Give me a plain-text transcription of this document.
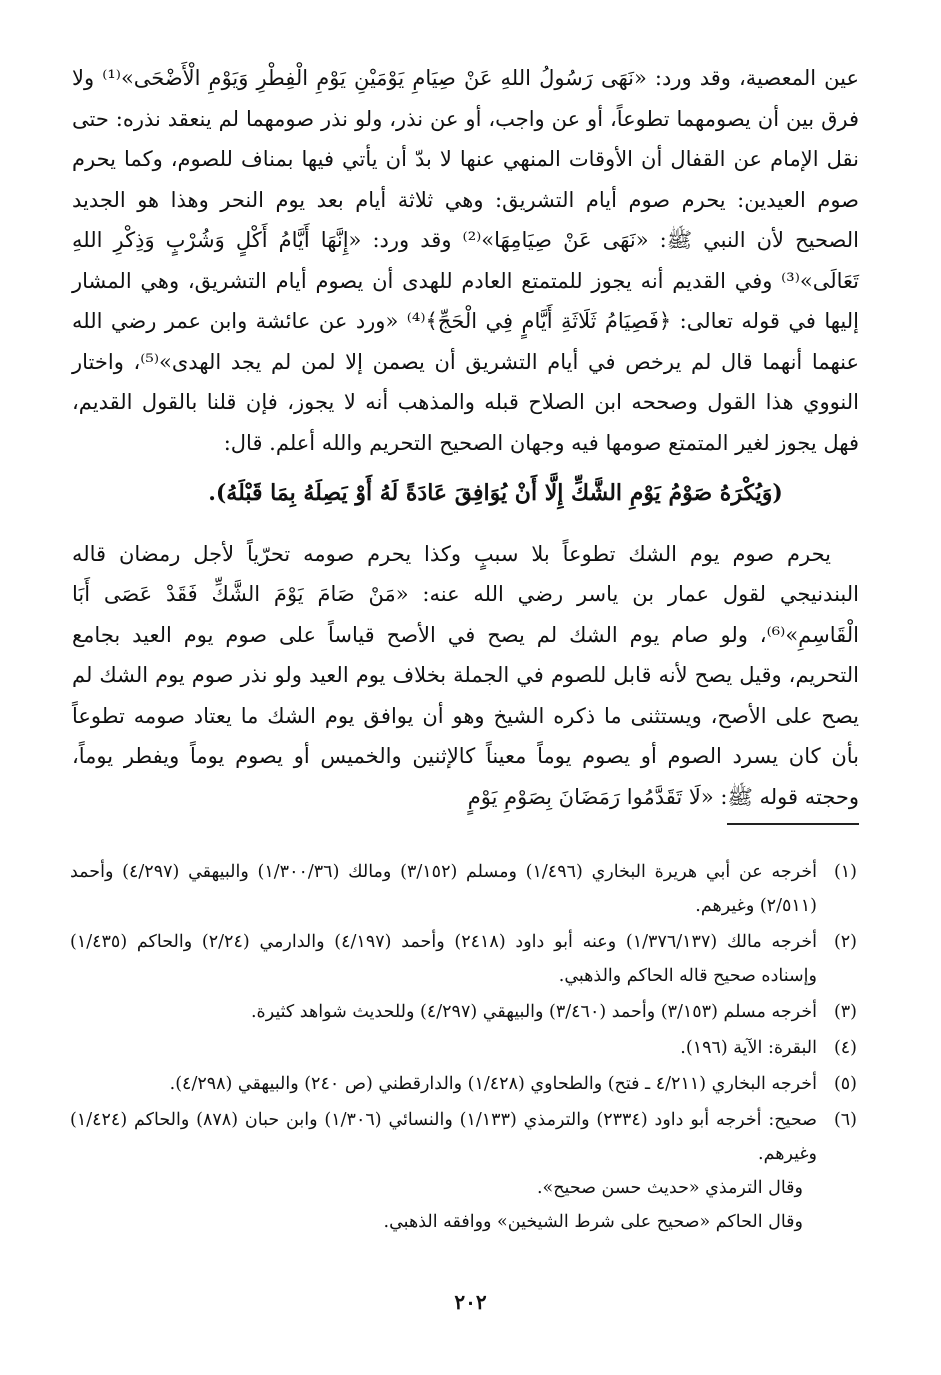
عين المعصية، وقد ورد: «نَهَى رَسُولُ اللهِ عَنْ صِيَامِ يَوْمَيْنِ يَوْمِ الْفِطْرِ وَيَوْمِ الْأَضْحَى»⁽¹⁾ ولا فرق بين أن يصومهما تطوعاً، أو عن واجب، أو عن نذر، ولو نذر صومهما لم ينعقد نذره: حتى نقل الإمام عن القفال أن الأوقات المنهي عنها لا بدّ أن يأتي فيها بمناف للصوم، وكما يحرم صوم العيدين: يحرم صوم أيام التشريق: وهي ثلاثة أيام بعد يوم النحر وهذا هو الجديد الصحيح لأن النبي ﷺ: «نَهَى عَنْ صِيَامِهَا»⁽²⁾ وقد ورد: «إِنَّهَا أَيَّامُ أَكْلٍ وَشُرْبٍ وَذِكْرِ اللهِ تَعَالَى»⁽³⁾ وفي القديم أنه يجوز للمتمتع العادم للهدى أن يصوم أيام التشريق، وهي المشار إليها في قوله تعالى: ﴿فَصِيَامُ ثَلَاثَةِ أَيَّامٍ فِي الْحَجِّ﴾⁽⁴⁾ «ورد عن عائشة وابن عمر رضي الله عنهما أنهما قال لم يرخص في أيام التشريق أن يصمن إلا لمن لم يجد الهدى»⁽⁵⁾، واختار النووي هذا القول وصححه ابن الصلاح قبله والمذهب أنه لا يجوز، فإن قلنا بالقول القديم، فهل يجوز لغير المتمتع صومها فيه وجهان الصحيح التحريم والله أعلم. قال:

(وَيُكْرَهُ صَوْمُ يَوْمِ الشَّكِّ إِلَّا أَنْ يُوَافِقَ عَادَةً لَهُ أَوْ يَصِلَهُ بِمَا قَبْلَهُ).

يحرم صوم يوم الشك تطوعاً بلا سببٍ وكذا يحرم صومه تحرّياً لأجل رمضان قاله البندنيجي لقول عمار بن ياسر رضي الله عنه: «مَنْ صَامَ يَوْمَ الشَّكِّ فَقَدْ عَصَى أَبَا الْقَاسِمِ»⁽⁶⁾، ولو صام يوم الشك لم يصح في الأصح قياساً على صوم يوم العيد بجامع التحريم، وقيل يصح لأنه قابل للصوم في الجملة بخلاف يوم العيد ولو نذر صوم يوم الشك لم يصح على الأصح، ويستثنى ما ذكره الشيخ وهو أن يوافق يوم الشك ما يعتاد صومه تطوعاً بأن كان يسرد الصوم أو يصوم يوماً معيناً كالإثنين والخميس أو يصوم يوماً ويفطر يوماً، وحجته قوله ﷺ: «لَا تَقَدَّمُوا رَمَضَانَ بِصَوْمِ يَوْمٍ

(١)
أخرجه عن أبي هريرة البخاري (١/٤٩٦) ومسلم (٣/١٥٢) ومالك (١/٣٠٠/٣٦) والبيهقي (٤/٢٩٧) وأحمد (٢/٥١١) وغيرهم.
(٢)
أخرجه مالك (١/٣٧٦/١٣٧) وعنه أبو داود (٢٤١٨) وأحمد (٤/١٩٧) والدارمي (٢/٢٤) والحاكم (١/٤٣٥) وإسناده صحيح قاله الحاكم والذهبي.
(٣)
أخرجه مسلم (٣/١٥٣) وأحمد (٣/٤٦٠) والبيهقي (٤/٢٩٧) وللحديث شواهد كثيرة.
(٤)
البقرة: الآية (١٩٦).
(٥)
أخرجه البخاري (٤/٢١١ ـ فتح) والطحاوي (١/٤٢٨) والدارقطني (ص ٢٤٠) والبيهقي (٤/٢٩٨).
(٦)
صحيح: أخرجه أبو داود (٢٣٣٤) والترمذي (١/١٣٣) والنسائي (١/٣٠٦) وابن حبان (٨٧٨) والحاكم (١/٤٢٤) وغيرهم.
وقال الترمذي «حديث حسن صحيح».
وقال الحاكم «صحيح على شرط الشيخين» ووافقه الذهبي.
٢٠٢
